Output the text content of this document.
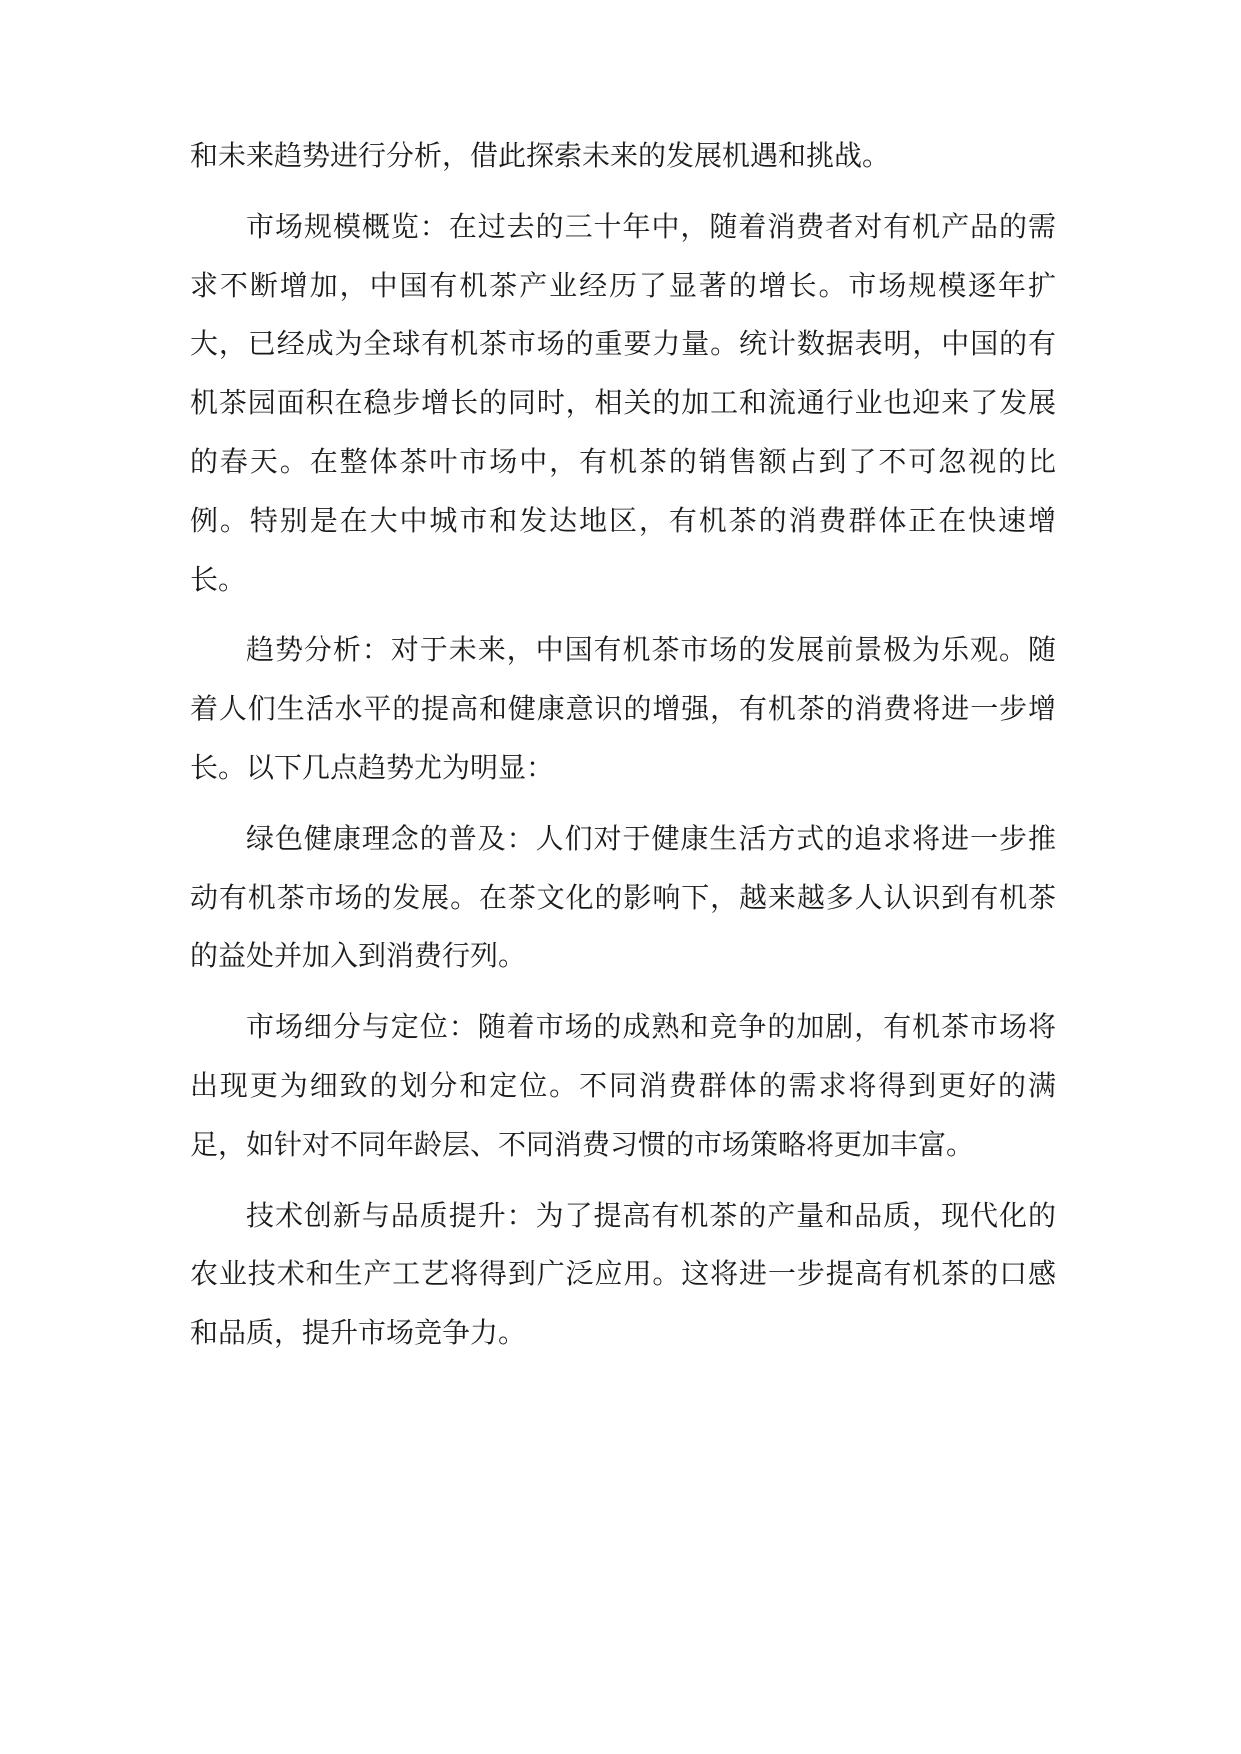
和未来趋势进行分析，借此探索未来的发展机遇和挑战。

市场规模概览：在过去的三十年中，随着消费者对有机产品的需求不断增加，中国有机茶产业经历了显著的增长。市场规模逐年扩大，已经成为全球有机茶市场的重要力量。统计数据表明，中国的有机茶园面积在稳步增长的同时，相关的加工和流通行业也迎来了发展的春天。在整体茶叶市场中，有机茶的销售额占到了不可忽视的比例。特别是在大中城市和发达地区，有机茶的消费群体正在快速增长。

趋势分析：对于未来，中国有机茶市场的发展前景极为乐观。随着人们生活水平的提高和健康意识的增强，有机茶的消费将进一步增长。以下几点趋势尤为明显：

绿色健康理念的普及：人们对于健康生活方式的追求将进一步推动有机茶市场的发展。在茶文化的影响下，越来越多人认识到有机茶的益处并加入到消费行列。

市场细分与定位：随着市场的成熟和竞争的加剧，有机茶市场将出现更为细致的划分和定位。不同消费群体的需求将得到更好的满足，如针对不同年龄层、不同消费习惯的市场策略将更加丰富。

技术创新与品质提升：为了提高有机茶的产量和品质，现代化的农业技术和生产工艺将得到广泛应用。这将进一步提高有机茶的口感和品质，提升市场竞争力。
